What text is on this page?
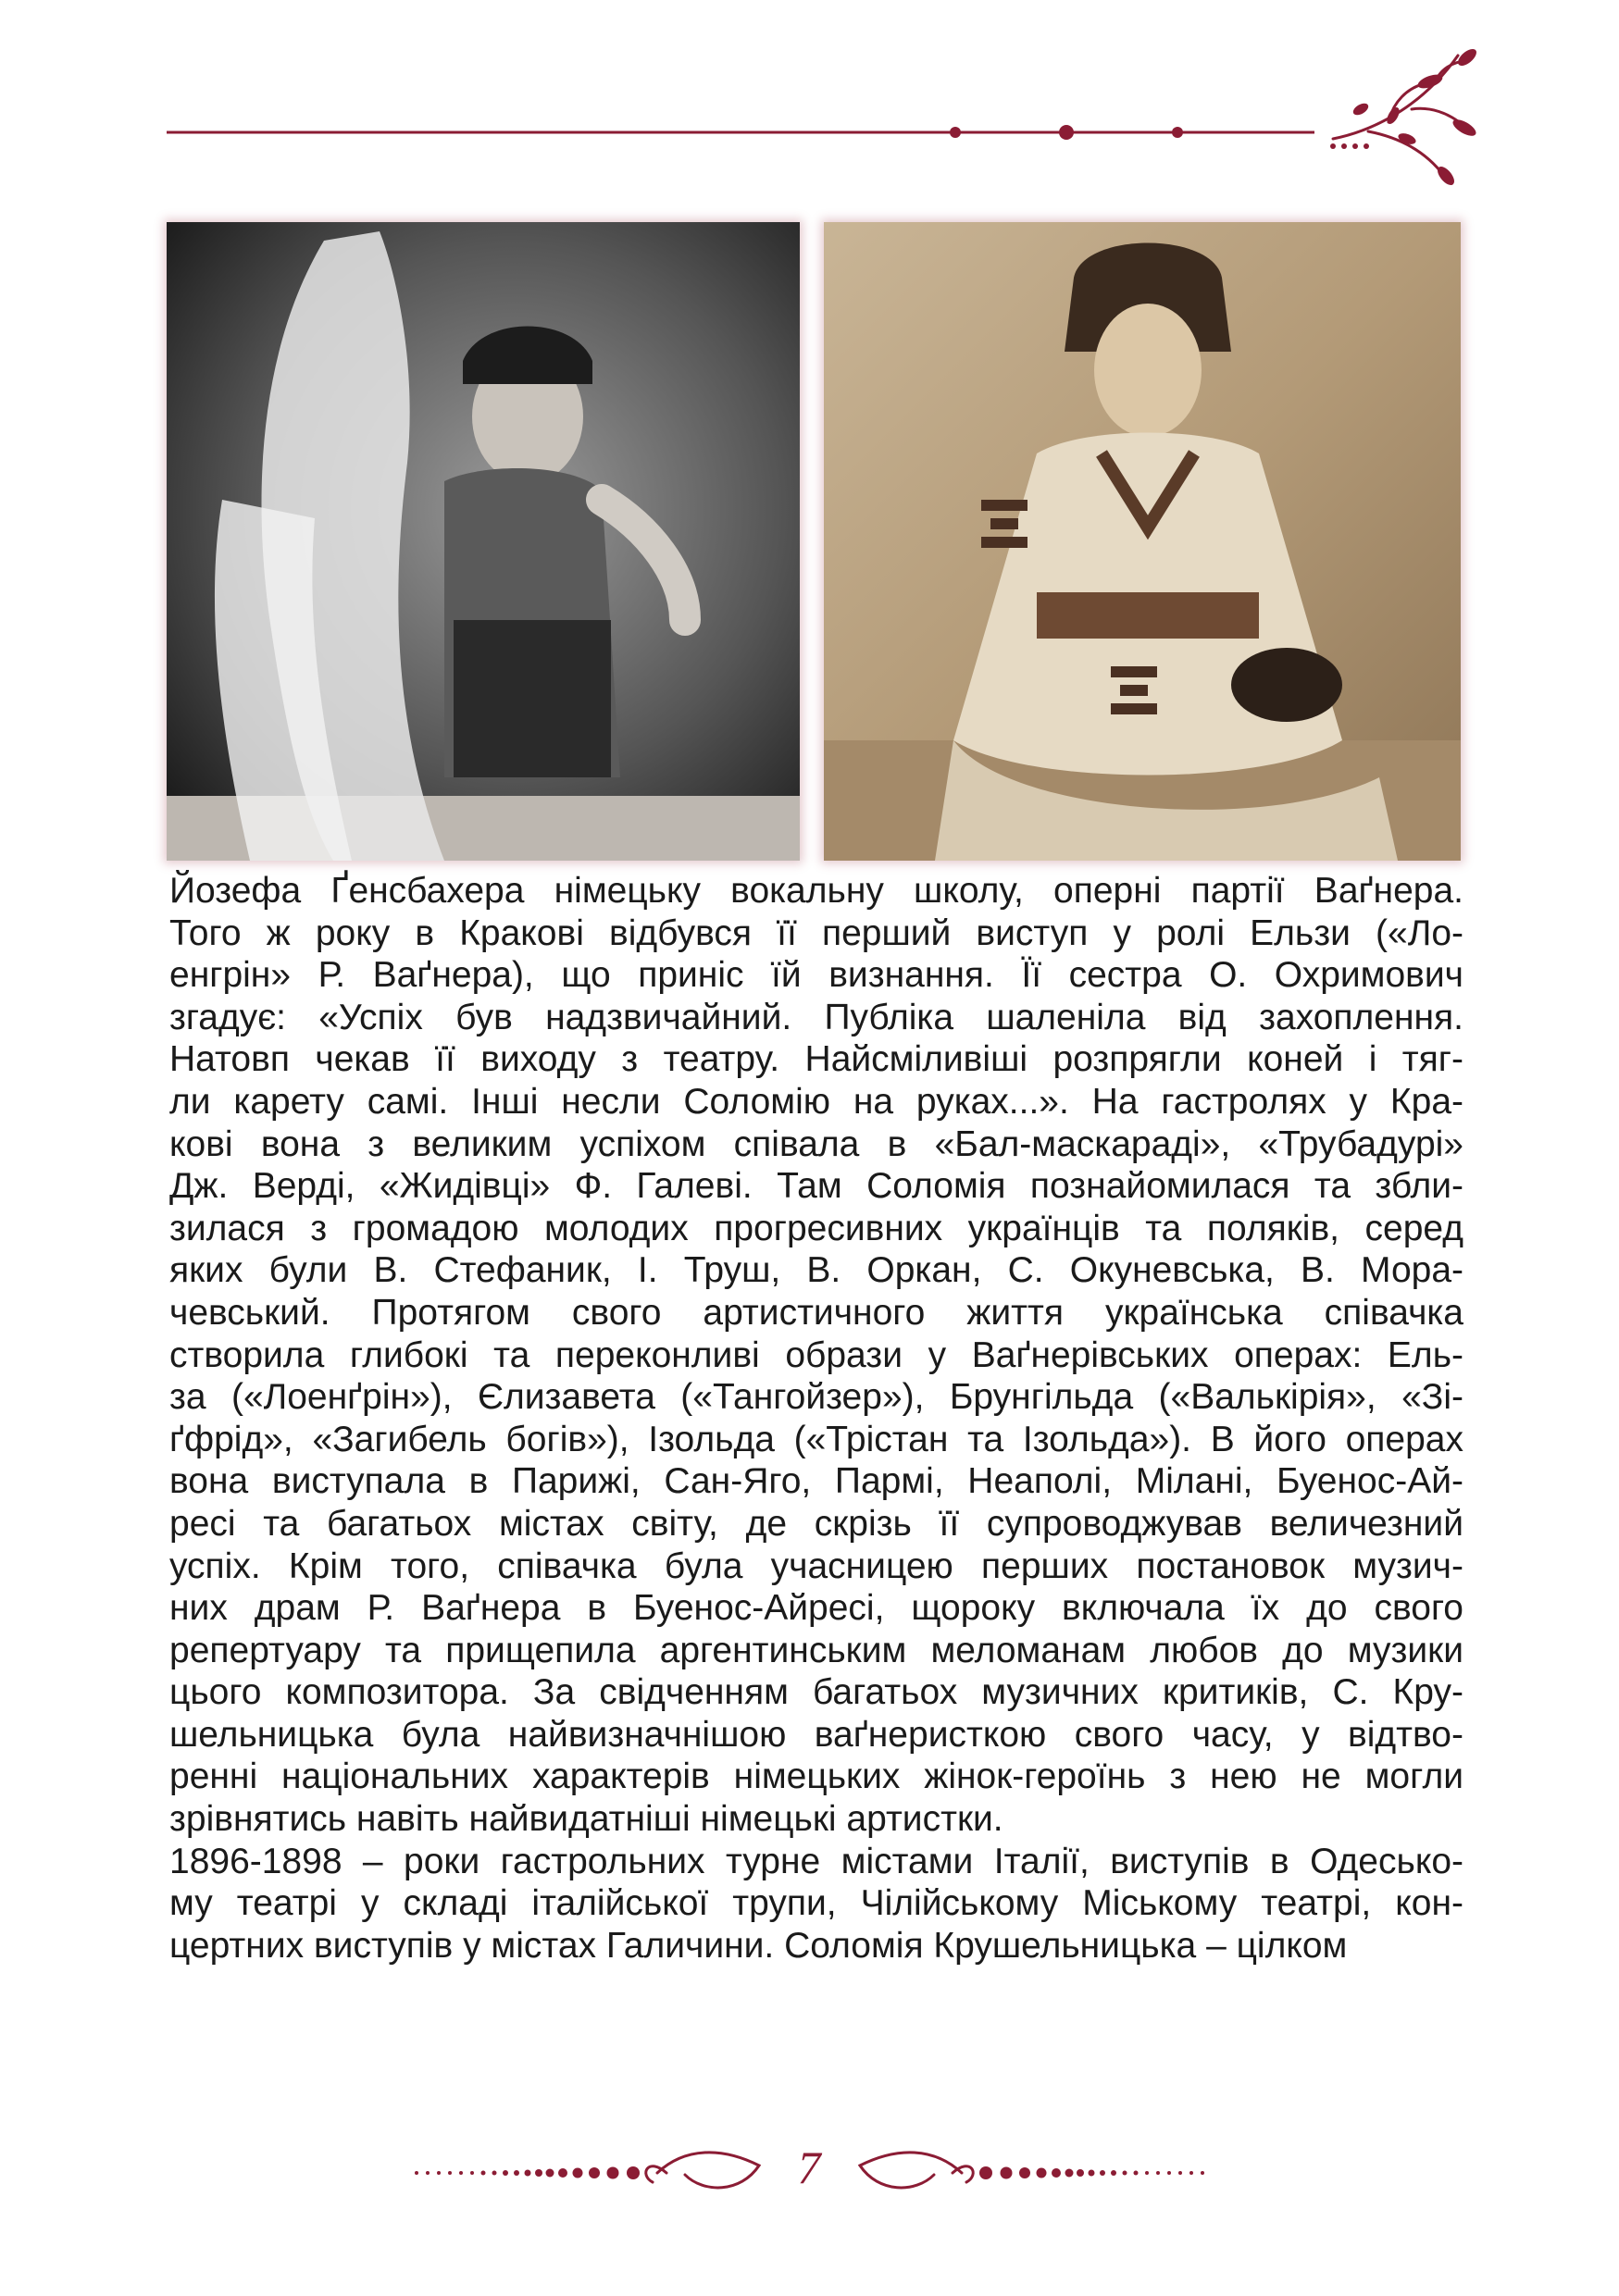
Йозефа Ґенсбахера німецьку вокальну школу, оперні партії Ваґнера.
Того ж року в Кракові відбувся її перший виступ у ролі Ельзи («Ло-
енгрін» Р. Ваґнера), що приніс їй визнання. Її сестра О. Охримович
згадує: «Успіх був надзвичайний. Публіка шаленіла від захоплення.
Натовп чекав її виходу з театру. Найсміливіші розпрягли коней і тяг-
ли карету самі. Інші несли Соломію на руках...». На гастролях у Кра-
кові вона з великим успіхом співала в «Бал-маскараді», «Трубадурі»
Дж. Верді, «Жидівці» Ф. Галеві. Там Соломія познайомилася та збли-
зилася з громадою молодих прогресивних українців та поляків, серед
яких були В. Стефаник, І. Труш, В. Оркан, С. Окуневська, В. Мора-
чевський. Протягом свого артистичного життя українська співачка
створила глибокі та переконливі образи у Ваґнерівських операх: Ель-
за («Лоенґрін»), Єлизавета («Тангойзер»), Брунгільда («Валькірія», «Зі-
ґфрід», «Загибель богів»), Ізольда («Трістан та Ізольда»). В його операх
вона виступала в Парижі, Сан-Яго, Пармі, Неаполі, Мілані, Буенос-Ай-
ресі та багатьох містах світу, де скрізь її супроводжував величезний
успіх. Крім того, співачка була учасницею перших постановок музич-
них драм Р. Ваґнера в Буенос-Айресі, щороку включала їх до свого
репертуару та прищепила аргентинським меломанам любов до музики
цього композитора. За свідченням багатьох музичних критиків, С. Кру-
шельницька була найвизначнішою ваґнеристкою свого часу, у відтво-
ренні національних характерів німецьких жінок-героїнь з нею не могли
зрівнятись навіть найвидатніші німецькі артистки.
1896-1898 – роки гастрольних турне містами Італії, виступів в Одесько-
му театрі у складі італійської трупи, Чілійському Міському театрі, кон-
цертних виступів у містах Галичини. Соломія Крушельницька – цілком

7
